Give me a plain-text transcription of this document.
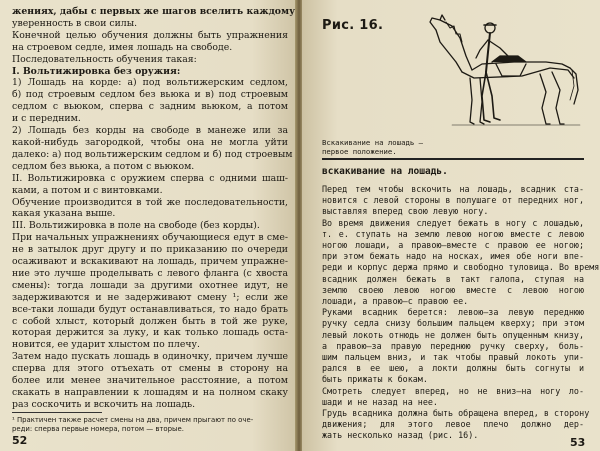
жениях, дабы с первых же шагов вселить каждому
уверенность в свои силы.
Конечной целью обучения должны быть упражнения
на строевом седле, имея лошадь на свободе.
Последовательность обучения такая:
I. Вольтижировка без оружия:
1) Лошадь на корде: а) под вольтижерским седлом,
б) под строевым седлом без вьюка и в) под строевым
седлом с вьюком, сперва с задним вьюком, а потом
и с передним.
2) Лошадь без корды на свободе в манеже или за
какой-нибудь загородкой, чтобы она не могла уйти
далеко: а) под вольтижерским седлом и б) под строевым
седлом без вьюка, а потом с вьюком.
II. Вольтижировка с оружием сперва с одними шаш-
ками, а потом и с винтовками.
Обучение производится в той же последовательности,
какая указана выше.
III. Вольтижировка в поле на свободе (без корды).
При начальных упражнениях обучающиеся едут в сме-
не в затылок друг другу и по приказанию по очереди
осаживают и вскакивают на лошадь, причем упражне-
ние это лучше проделывать с левого фланга (с хвоста
смены): тогда лошади за другими охотнее идут, не
задерживаются и не задерживают смену ¹; если же
все-таки лошади будут останавливаться, то надо брать
с собой хлыст, который должен быть в той же руке,
которая держится за луку, и как только лошадь оста-
новится, ее ударит хлыстом по плечу.
Затем надо пускать лошадь в одиночку, причем лучше
сперва для этого отъехать от смены в сторону на
более или менее значительное расстояние, а потом
скакать в направлении к лошадям и на полном скаку
раз соскочить и вскочить на лошадь.
¹ Практичен также расчет смены на два, причем прыгают по оче-
реди: сперва первые номера, потом — вторые.
52
Рис. 16.
Вскакивание на лошадь —
первое положение.
вскакивание на лошадь.
Перед тем чтобы вскочить на лошадь, всадник ста-
новится с левой стороны в полушаге от передних ног,
выставляя вперед свою левую ногу.
Во время движения следует бежать в ногу с лошадью,
т. е. ступать на землю левою ногою вместе с левою
ногою лошади, а правою—вместе с правою ее ногою;
при этом бежать надо на носках, имея обе ноги впе-
реди и корпус держа прямо и свободно туловища. Во время
всадник должен бежать в такт галопа, ступая на
землю своею левою ногою вместе с левою ногою
лошади, а правою—с правою ее.
Руками всадник берется: левою—за левую переднюю
ручку седла снизу большим пальцем кверху; при этом
левый локоть отнюдь не должен быть опущенным книзу,
а правою—за правую переднюю ручку сверху, боль-
шим пальцем вниз, и так чтобы правый локоть упи-
рался в ее шею, а локти должны быть согнуты и
быть прижаты к бокам.
Смотреть следует вперед, но не вниз—на ногу ло-
шади и не назад на нее.
Грудь всадника должна быть обращена вперед, в сторону
движения; для этого левое плечо должно дер-
жать несколько назад (рис. 16).
53
